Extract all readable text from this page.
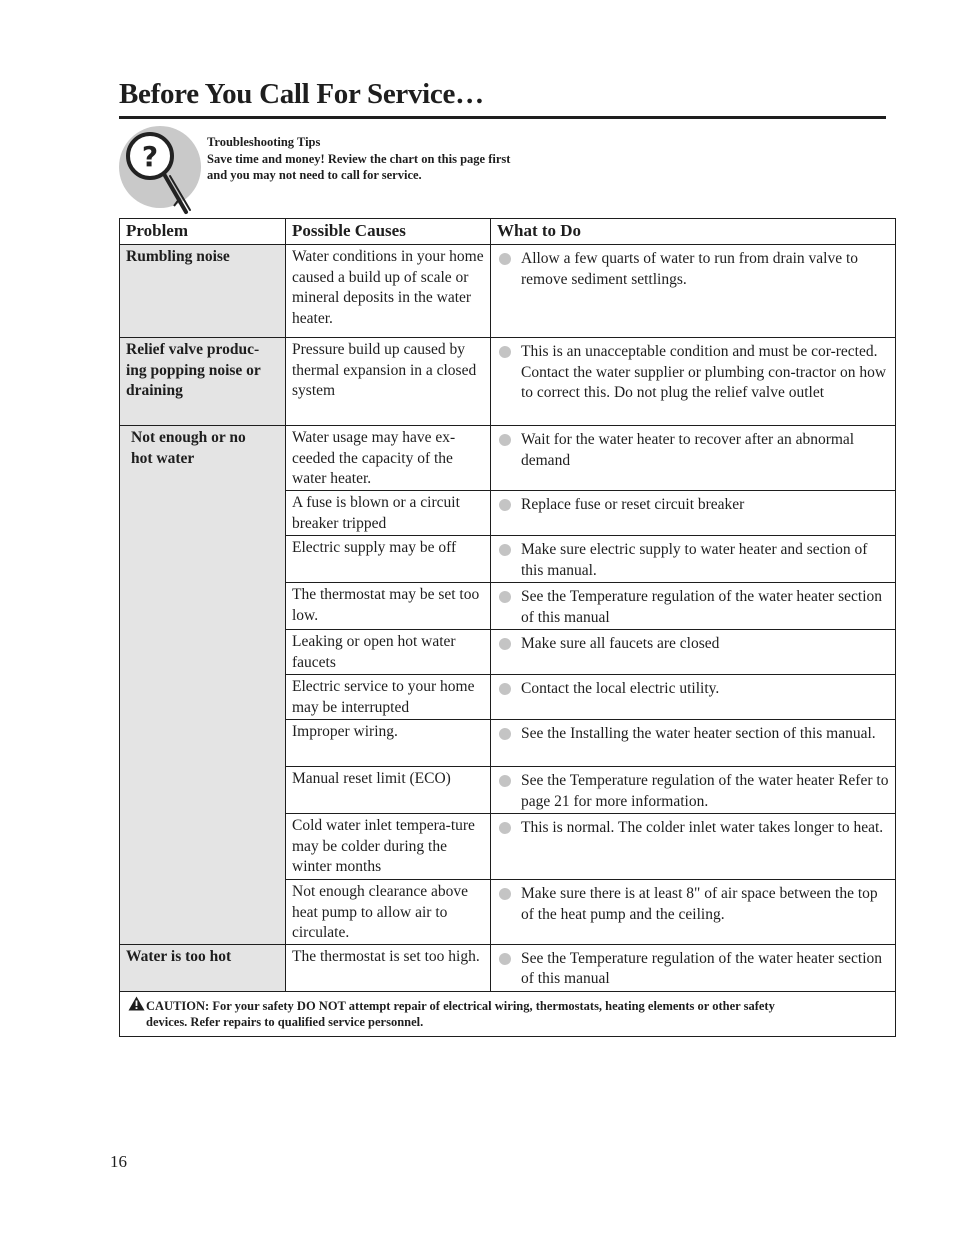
Before You Call For Service…
?	Troubleshooting Tips
Save time and money! Review the chart on this page first
and you may not need to call for service.
Problem	Possible Causes	What to Do
Rumbling noise	Water conditions in your home caused a build up of scale or mineral deposits in the water heater.	Allow a few quarts of water to run from drain valve to remove sediment settlings.

Relief valve produc-
ing popping noise or
draining	Pressure build up caused by thermal expansion in a closed system	This is an unacceptable condition and must be cor-rected. Contact the water supplier or plumbing con-tractor on how to correct this. Do not plug the relief valve outlet

Not enough or no
hot water	Water usage may have ex-ceeded the capacity of the water heater.	Wait for the water heater to recover after an abnormal demand

	A fuse is blown or a circuit breaker tripped	Replace fuse or reset circuit breaker

	Electric supply may be off	Make sure electric supply to water heater and section of this manual.

	The thermostat may be set too low.	See the Temperature regulation of the water heater section of this manual

	Leaking or open hot water faucets	Make sure all faucets are closed

	Electric service to your home may be interrupted	Contact the local electric utility.

	Improper wiring.	See the Installing the water heater section of this manual.

	Manual reset limit (ECO)	See the Temperature regulation of the water heater Refer to page 21 for more information.

	Cold water inlet tempera-ture may be colder during the winter months	This is normal. The colder inlet water takes longer to heat.

	Not enough clearance above heat pump to allow air to circulate.	Make sure there is at least 8" of air space between the top of the heat pump and the ceiling.

Water is too hot	The thermostat is set too high.	See the Temperature regulation of the water heater section of this manual

CAUTION: For your safety DO NOT attempt repair of electrical wiring, thermostats, heating elements or other safety
devices. Refer repairs to qualified service personnel.		
16
